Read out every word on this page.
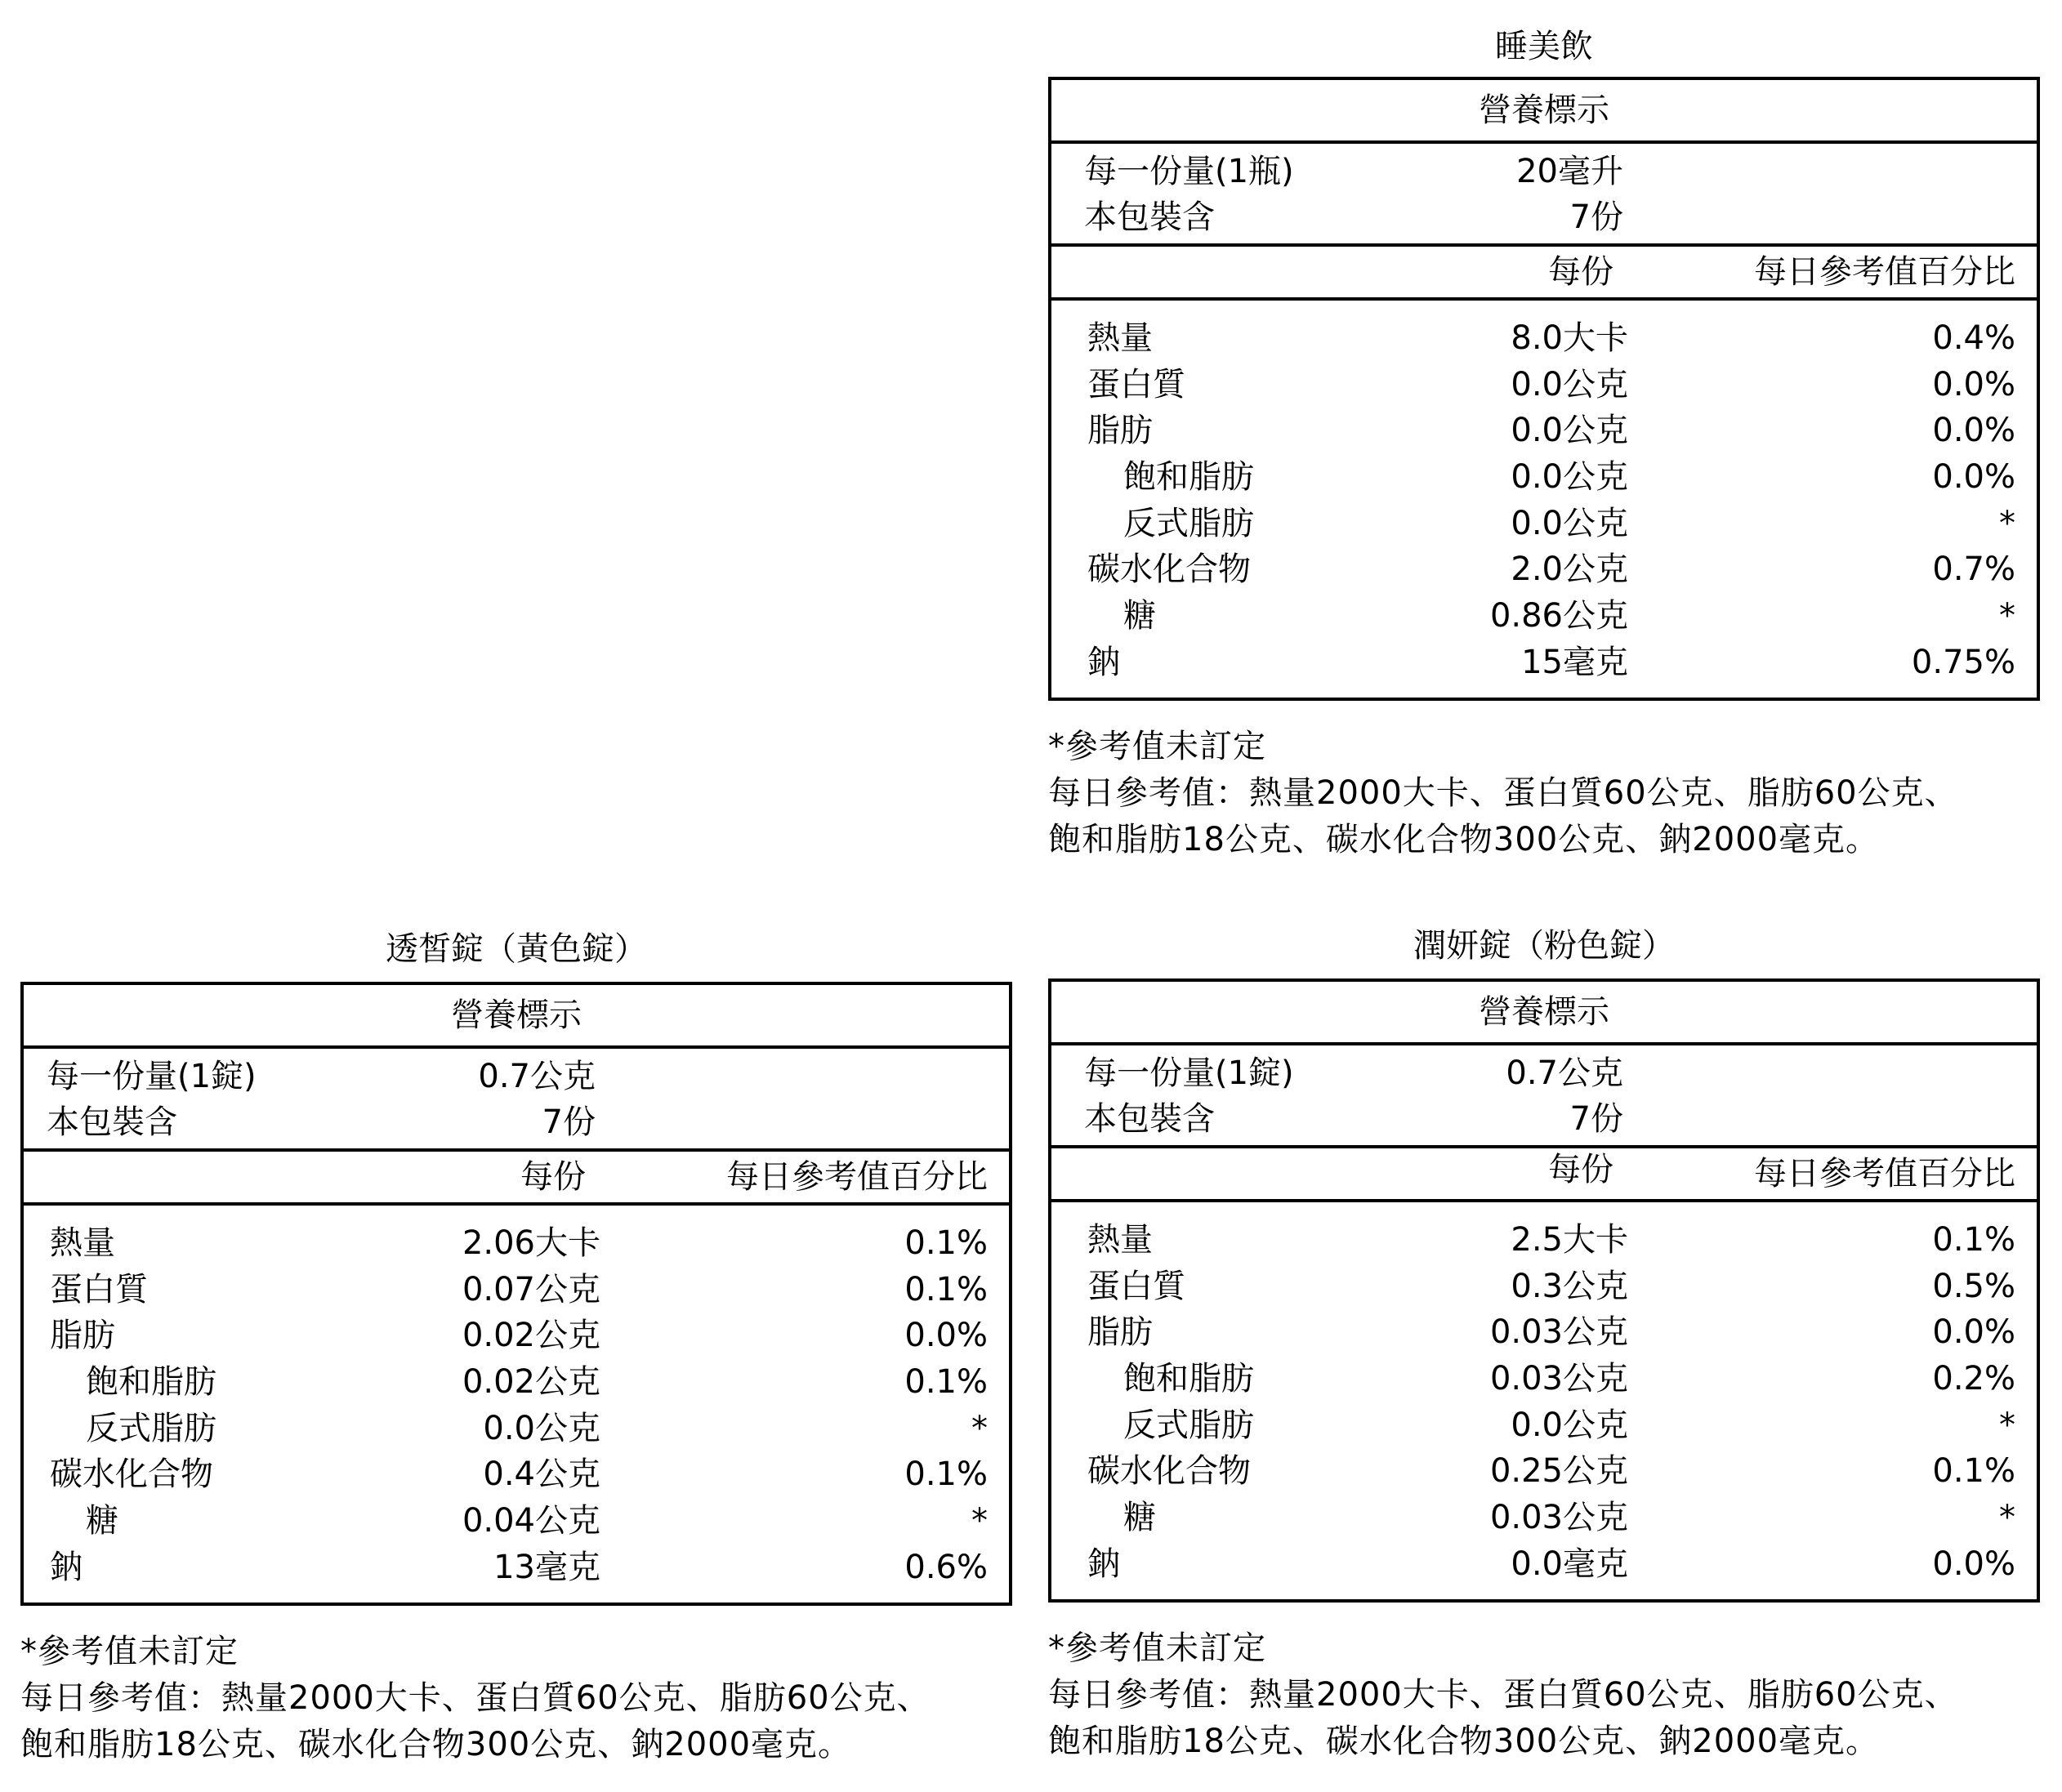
睡美飲
營養標示
每一份量(1瓶)	20毫升
本包裝含	7份
每份	每日參考值百分比
熱量	8.0大卡	0.4%
蛋白質	0.0公克	0.0%
脂肪	0.0公克	0.0%
飽和脂肪	0.0公克	0.0%
反式脂肪	0.0公克	*
碳水化合物	2.0公克	0.7%
糖	0.86公克	*
鈉	15毫克	0.75%
*參考值未訂定
每日參考值：熱量2000大卡、蛋白質60公克、脂肪60公克、
飽和脂肪18公克、碳水化合物300公克、鈉2000毫克。
透皙錠（黃色錠）
營養標示
每一份量(1錠)	0.7公克
本包裝含	7份
每份	每日參考值百分比
熱量	2.06大卡	0.1%
蛋白質	0.07公克	0.1%
脂肪	0.02公克	0.0%
飽和脂肪	0.02公克	0.1%
反式脂肪	0.0公克	*
碳水化合物	0.4公克	0.1%
糖	0.04公克	*
鈉	13毫克	0.6%
*參考值未訂定
每日參考值：熱量2000大卡、蛋白質60公克、脂肪60公克、
飽和脂肪18公克、碳水化合物300公克、鈉2000毫克。
潤妍錠（粉色錠）
營養標示
每一份量(1錠)	0.7公克
本包裝含	7份
每份	每日參考值百分比
熱量	2.5大卡	0.1%
蛋白質	0.3公克	0.5%
脂肪	0.03公克	0.0%
飽和脂肪	0.03公克	0.2%
反式脂肪	0.0公克	*
碳水化合物	0.25公克	0.1%
糖	0.03公克	*
鈉	0.0毫克	0.0%
*參考值未訂定
每日參考值：熱量2000大卡、蛋白質60公克、脂肪60公克、
飽和脂肪18公克、碳水化合物300公克、鈉2000毫克。
